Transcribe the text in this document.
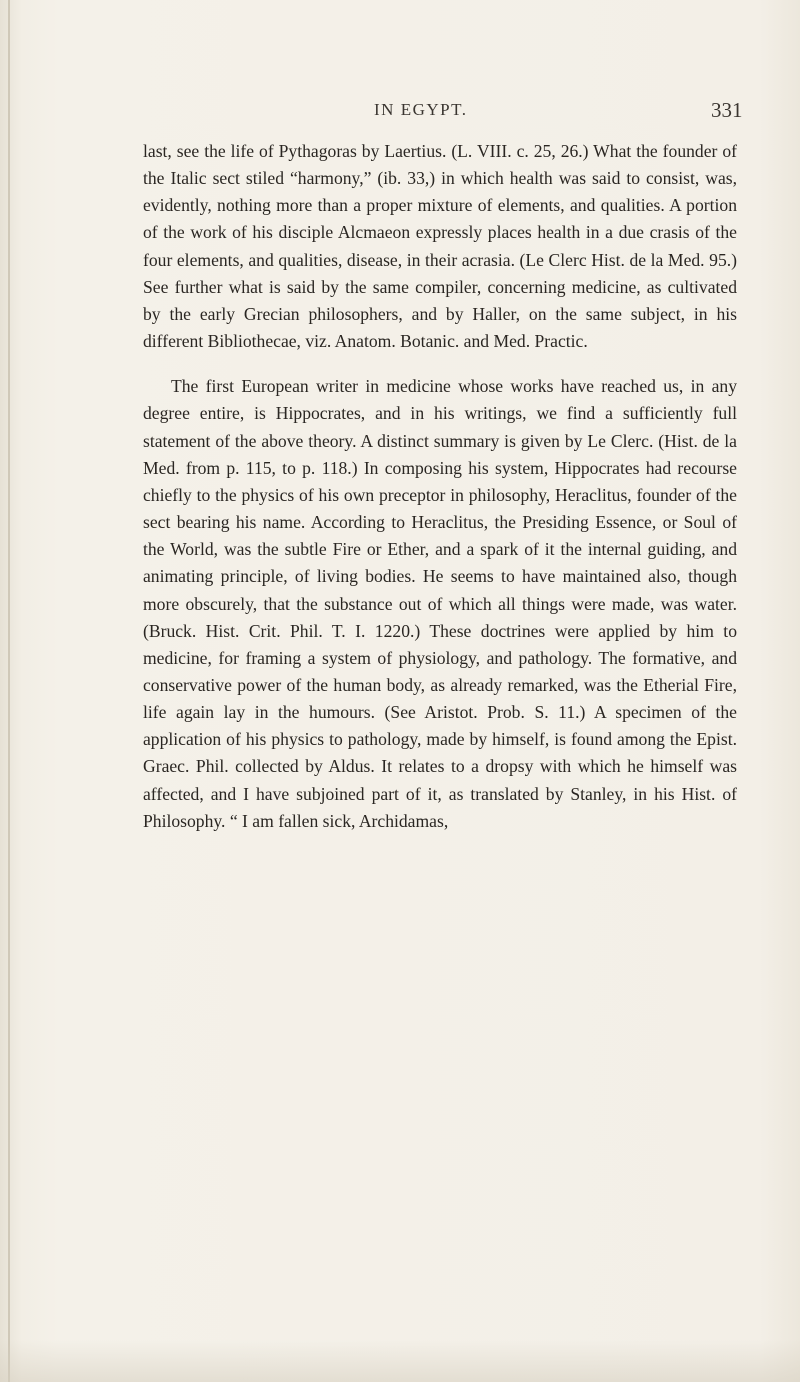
IN EGYPT.	331

last, see the life of Pythagoras by Laertius. (L. VIII. c. 25, 26.) What the founder of the Italic sect stiled “harmony,” (ib. 33,) in which health was said to consist, was, evidently, nothing more than a proper mixture of elements, and qualities. A portion of the work of his disciple Alcmaeon expressly places health in a due crasis of the four elements, and qualities, disease, in their acrasia. (Le Clerc Hist. de la Med. 95.) See further what is said by the same compiler, concerning medicine, as cultivated by the early Grecian philosophers, and by Haller, on the same subject, in his different Bibliothecae, viz. Anatom. Botanic. and Med. Practic.

The first European writer in medicine whose works have reached us, in any degree entire, is Hippocrates, and in his writings, we find a sufficiently full statement of the above theory. A distinct summary is given by Le Clerc. (Hist. de la Med. from p. 115, to p. 118.) In composing his system, Hippocrates had recourse chiefly to the physics of his own preceptor in philosophy, Heraclitus, founder of the sect bearing his name. According to Heraclitus, the Presiding Essence, or Soul of the World, was the subtle Fire or Ether, and a spark of it the internal guiding, and animating principle, of living bodies. He seems to have maintained also, though more obscurely, that the substance out of which all things were made, was water. (Bruck. Hist. Crit. Phil. T. I. 1220.) These doctrines were applied by him to medicine, for framing a system of physiology, and pathology. The formative, and conservative power of the human body, as already remarked, was the Etherial Fire, life again lay in the humours. (See Aristot. Prob. S. 11.) A specimen of the application of his physics to pathology, made by himself, is found among the Epist. Graec. Phil. collected by Aldus. It relates to a dropsy with which he himself was affected, and I have subjoined part of it, as translated by Stanley, in his Hist. of Philosophy. “ I am fallen sick, Archidamas,
